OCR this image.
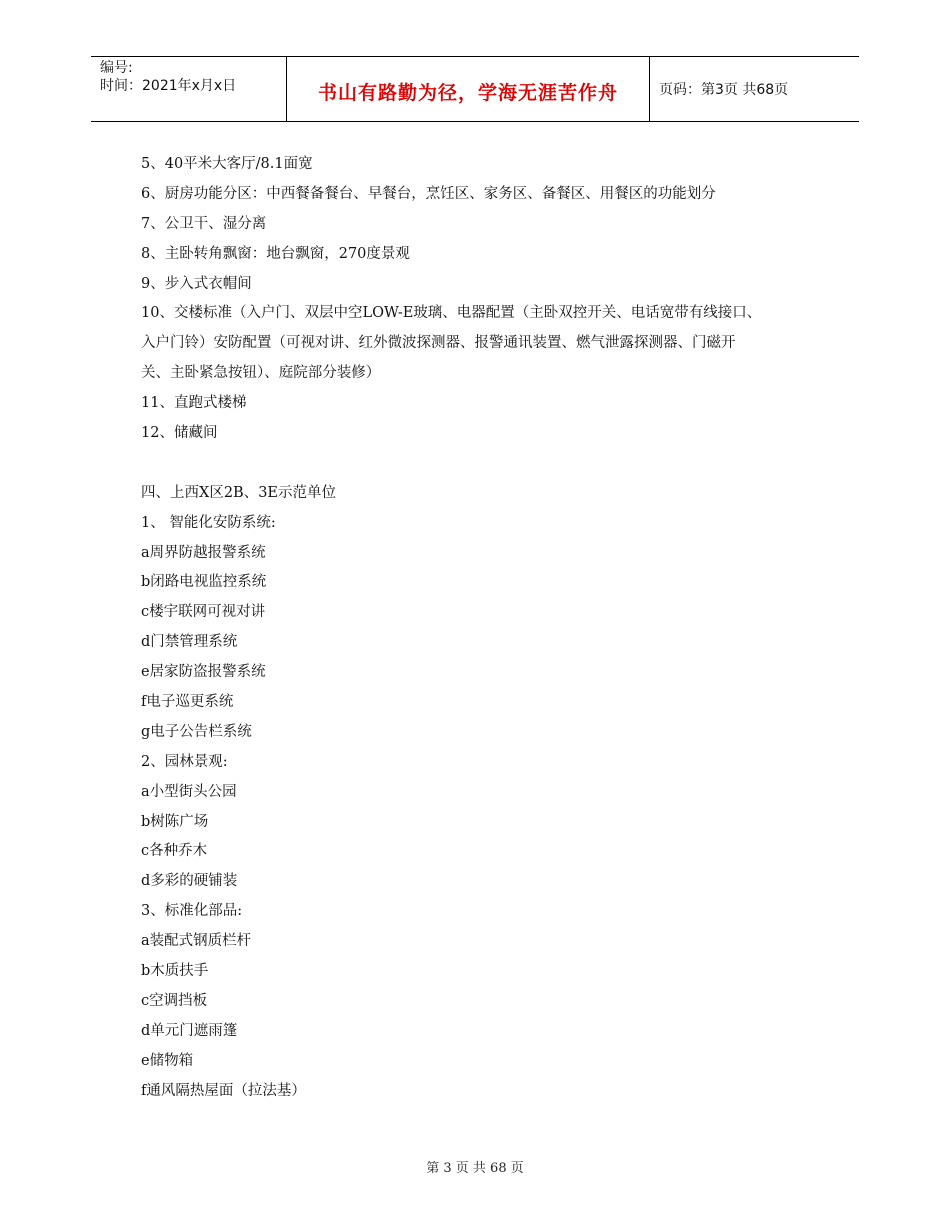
编号:
时间：2021年x月x日	书山有路勤为径，学海无涯苦作舟	页码：第3页 共68页
5、40平米大客厅/8.1面宽
6、厨房功能分区：中西餐备餐台、早餐台，烹饪区、家务区、备餐区、用餐区的功能划分
7、公卫干、湿分离
8、主卧转角飘窗：地台飘窗，270度景观
9、步入式衣帽间
10、交楼标准（入户门、双层中空LOW-E玻璃、电器配置（主卧双控开关、电话宽带有线接口、
入户门铃）安防配置（可视对讲、红外微波探测器、报警通讯装置、燃气泄露探测器、门磁开
关、主卧紧急按钮）、庭院部分装修）
11、直跑式楼梯
12、储藏间
四、上西X区2B、3E示范单位
1、 智能化安防系统:
a周界防越报警系统
b闭路电视监控系统
c楼宇联网可视对讲
d门禁管理系统
e居家防盗报警系统
f电子巡更系统
g电子公告栏系统
2、园林景观:
a小型街头公园
b树陈广场
c各种乔木
d多彩的硬铺装
3、标准化部品:
a装配式钢质栏杆
b木质扶手
c空调挡板
d单元门遮雨篷
e储物箱
f通风隔热屋面（拉法基）
第 3 页 共 68 页
